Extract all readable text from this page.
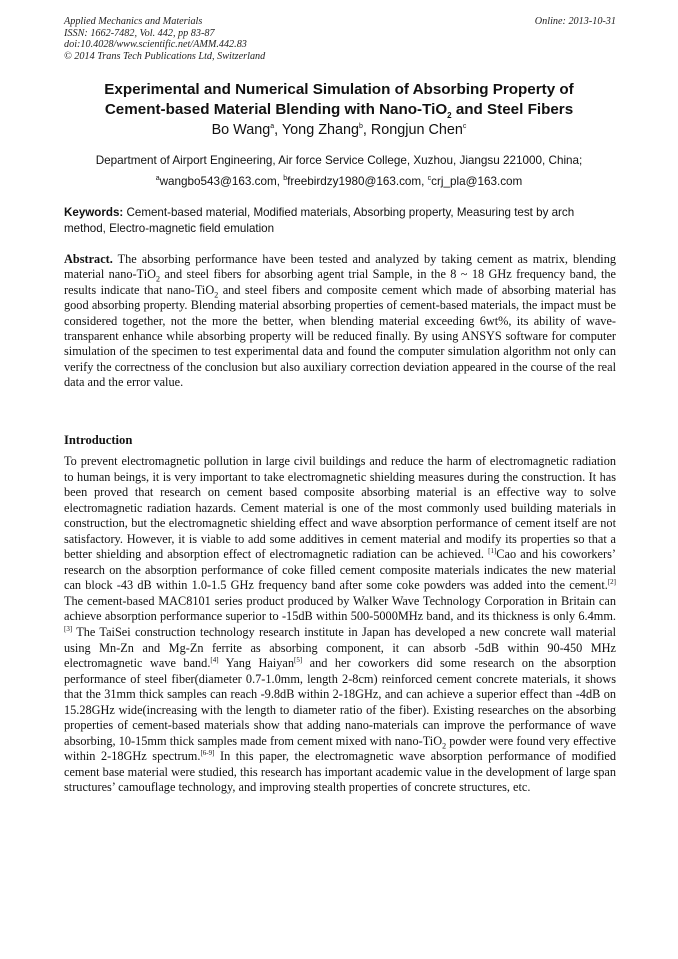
Applied Mechanics and Materials
ISSN: 1662-7482, Vol. 442, pp 83-87
doi:10.4028/www.scientific.net/AMM.442.83
© 2014 Trans Tech Publications Ltd, Switzerland
Online: 2013-10-31
Experimental and Numerical Simulation of Absorbing Property of
Cement-based Material Blending with Nano-TiO$_2$ and Steel Fibers
Bo Wang$^a$, Yong Zhang$^b$, Rongjun Chen$^c$
Department of Airport Engineering, Air force Service College, Xuzhou, Jiangsu 221000, China;
$^a$wangbo543@163.com, $^b$freebirdzy1980@163.com, $^c$crj_pla@163.com
Keywords: Cement-based material, Modified materials, Absorbing property, Measuring test by arch method, Electro-magnetic field emulation
Abstract. The absorbing performance have been tested and analyzed by taking cement as matrix, blending material nano-TiO$_2$ and steel fibers for absorbing agent trial Sample, in the 8 ~ 18 GHz frequency band, the results indicate that nano-TiO$_2$ and steel fibers and composite cement which made of absorbing material has good absorbing property. Blending material absorbing properties of cement-based materials, the impact must be considered together, not the more the better, when blending material exceeding 6wt%, its ability of wave-transparent enhance while absorbing property will be reduced finally. By using ANSYS software for computer simulation of the specimen to test experimental data and found the computer simulation algorithm not only can verify the correctness of the conclusion but also auxiliary correction deviation appeared in the course of the real data and the error value.
Introduction
To prevent electromagnetic pollution in large civil buildings and reduce the harm of electromagnetic radiation to human beings, it is very important to take electromagnetic shielding measures during the construction. It has been proved that research on cement based composite absorbing material is an effective way to solve electromagnetic radiation hazards. Cement material is one of the most commonly used building materials in construction, but the electromagnetic shielding effect and wave absorption performance of cement itself are not satisfactory. However, it is viable to add some additives in cement material and modify its properties so that a better shielding and absorption effect of electromagnetic radiation can be achieved. [1]Cao and his coworkers’ research on the absorption performance of coke filled cement composite materials indicates the new material can block -43 dB within 1.0-1.5 GHz frequency band after some coke powders was added into the cement.[2] The cement-based MAC8101 series product produced by Walker Wave Technology Corporation in Britain can achieve absorption performance superior to -15dB within 500-5000MHz band, and its thickness is only 6.4mm.[3] The TaiSei construction technology research institute in Japan has developed a new concrete wall material using Mn-Zn and Mg-Zn ferrite as absorbing component, it can absorb -5dB within 90-450 MHz electromagnetic wave band.[4] Yang Haiyan[5] and her coworkers did some research on the absorption performance of steel fiber(diameter 0.7-1.0mm, length 2-8cm) reinforced cement concrete materials, it shows that the 31mm thick samples can reach -9.8dB within 2-18GHz, and can achieve a superior effect than -4dB on 15.28GHz wide(increasing with the length to diameter ratio of the fiber). Existing researches on the absorbing properties of cement-based materials show that adding nano-materials can improve the performance of wave absorbing, 10-15mm thick samples made from cement mixed with nano-TiO$_2$ powder were found very effective within 2-18GHz spectrum.[6-9] In this paper, the electromagnetic wave absorption performance of modified cement base material were studied, this research has important academic value in the development of large span structures’ camouflage technology, and improving stealth properties of concrete structures, etc.
